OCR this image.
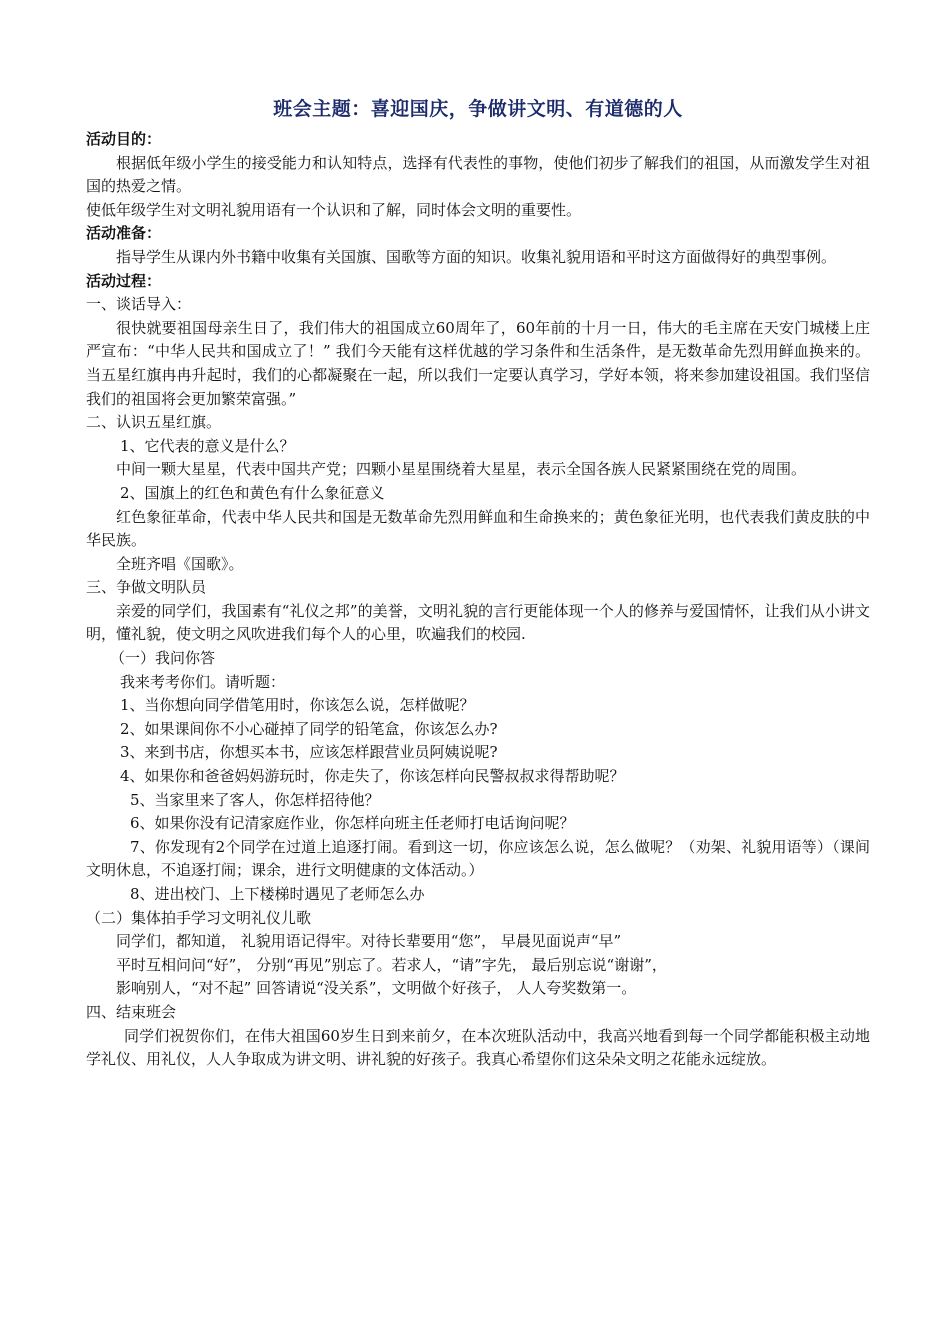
班会主题：喜迎国庆，争做讲文明、有道德的人
活动目的：
根据低年级小学生的接受能力和认知特点，选择有代表性的事物，使他们初步了解我们的祖国，从而激发学生对祖国的热爱之情。
使低年级学生对文明礼貌用语有一个认识和了解，同时体会文明的重要性。
活动准备：
指导学生从课内外书籍中收集有关国旗、国歌等方面的知识。收集礼貌用语和平时这方面做得好的典型事例。
活动过程：
一、谈话导入：
很快就要祖国母亲生日了，我们伟大的祖国成立60周年了，60年前的十月一日，伟大的毛主席在天安门城楼上庄严宣布：“中华人民共和国成立了！” 我们今天能有这样优越的学习条件和生活条件，是无数革命先烈用鲜血换来的。当五星红旗冉冉升起时，我们的心都凝聚在一起，所以我们一定要认真学习，学好本领，将来参加建设祖国。我们坚信我们的祖国将会更加繁荣富强。”
二、认识五星红旗。
1、它代表的意义是什么？
中间一颗大星星，代表中国共产党；四颗小星星围绕着大星星，表示全国各族人民紧紧围绕在党的周围。
2、国旗上的红色和黄色有什么象征意义
红色象征革命，代表中华人民共和国是无数革命先烈用鲜血和生命换来的；黄色象征光明，也代表我们黄皮肤的中华民族。
全班齐唱《国歌》。
三、争做文明队员
亲爱的同学们，我国素有“礼仪之邦”的美誉，文明礼貌的言行更能体现一个人的修养与爱国情怀，让我们从小讲文明，懂礼貌，使文明之风吹进我们每个人的心里，吹遍我们的校园.
（一）我问你答
我来考考你们。请听题：
1、当你想向同学借笔用时，你该怎么说，怎样做呢？
2、如果课间你不小心碰掉了同学的铅笔盒，你该怎么办?
3、来到书店，你想买本书，应该怎样跟营业员阿姨说呢?
4、如果你和爸爸妈妈游玩时，你走失了，你该怎样向民警叔叔求得帮助呢？
5、当家里来了客人，你怎样招待他？
6、如果你没有记清家庭作业，你怎样向班主任老师打电话询问呢？
7、你发现有2个同学在过道上追逐打闹。看到这一切，你应该怎么说，怎么做呢？（劝架、礼貌用语等）（课间文明休息，不追逐打闹；课余，进行文明健康的文体活动。）
8、进出校门、上下楼梯时遇见了老师怎么办
（二）集体拍手学习文明礼仪儿歌
同学们，都知道， 礼貌用语记得牢。对待长辈要用“您”， 早晨见面说声“早”
平时互相问问“好”， 分别“再见”别忘了。若求人，“请”字先， 最后别忘说“谢谢”，
影响别人，“对不起” 回答请说“没关系”，文明做个好孩子， 人人夸奖数第一。
四、结束班会
同学们祝贺你们，在伟大祖国60岁生日到来前夕，在本次班队活动中，我高兴地看到每一个同学都能积极主动地学礼仪、用礼仪，人人争取成为讲文明、讲礼貌的好孩子。我真心希望你们这朵朵文明之花能永远绽放。
